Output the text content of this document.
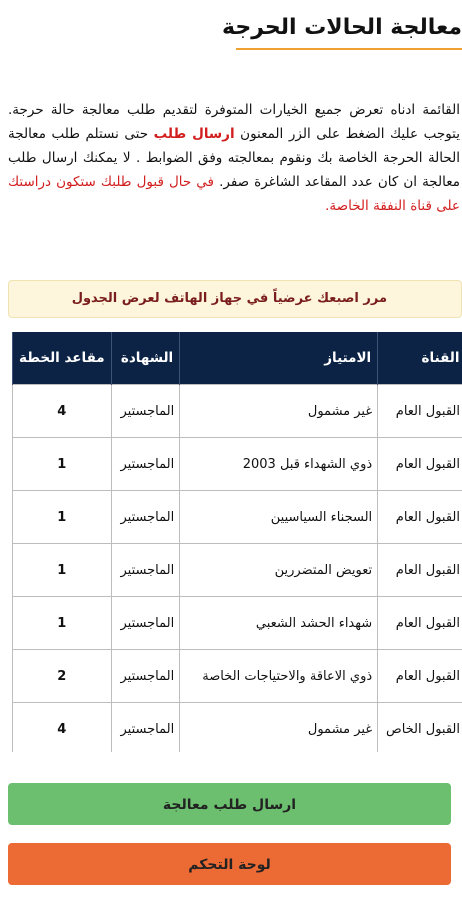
معالجة الحالات الحرجة

القائمة ادناه تعرض جميع الخيارات المتوفرة لتقديم طلب معالجة حالة حرجة. يتوجب عليك الضغط على الزر المعنون ارسال طلب حتى نستلم طلب معالجة الحالة الحرجة الخاصة بك ونقوم بمعالجته وفق الضوابط . لا يمكنك ارسال طلب معالجة ان كان عدد المقاعد الشاغرة صفر. في حال قبول طلبك ستكون دراستك على قناة النفقة الخاصة.

مرر اصبعك عرضياً في جهاز الهاتف لعرض الجدول
القناة	الامتياز	الشهادة	مقاعد الخطة
القبول العام	غير مشمول	الماجستير	4
القبول العام	ذوي الشهداء قبل 2003	الماجستير	1
القبول العام	السجناء السياسيين	الماجستير	1
القبول العام	تعويض المتضررين	الماجستير	1
القبول العام	شهداء الحشد الشعبي	الماجستير	1
القبول العام	ذوي الاعاقة والاحتياجات الخاصة	الماجستير	2
القبول الخاص	غير مشمول	الماجستير	4
ارسال طلب معالجة
لوحة التحكم
